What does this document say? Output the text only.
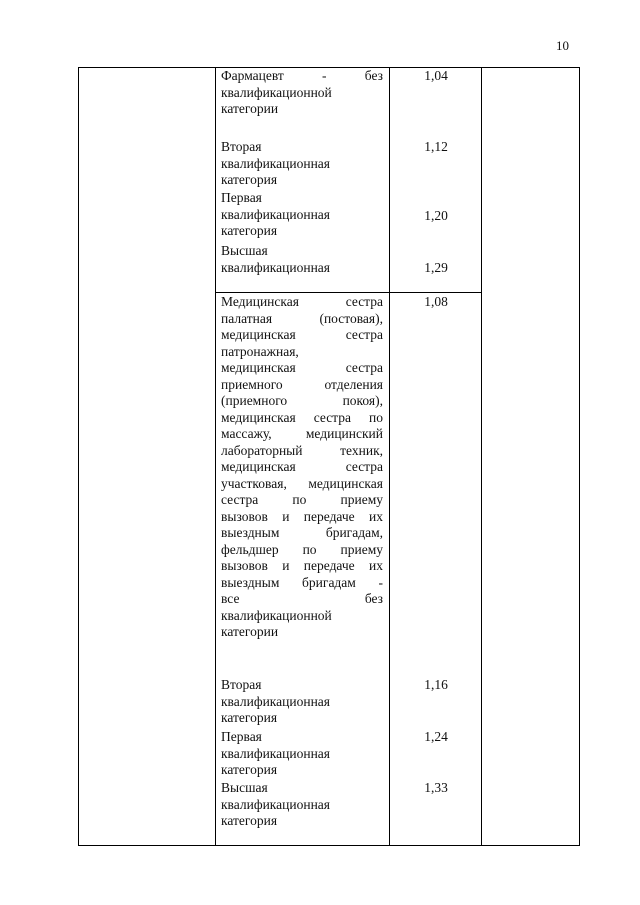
10
Фармацевт - без
квалификационной
категории
1,04
Вторая
квалификационная
категория
1,12
Первая
квалификационная
категория
1,20
Высшая
квалификационная	1,29
Медицинская сестра
палатная (постовая),
медицинская сестра
патронажная,
медицинская сестра
приемного отделения
(приемного покоя),
медицинская сестра по
массажу, медицинский
лабораторный техник,
медицинская сестра
участковая, медицинская
сестра по приему
вызовов и передаче их
выездным бригадам,
фельдшер по приему
вызовов и передаче их
выездным бригадам -
все без
квалификационной
категории
1,08
Вторая
квалификационная
категория
1,16
Первая
квалификационная
категория
1,24
Высшая
квалификационная
категория
1,33
